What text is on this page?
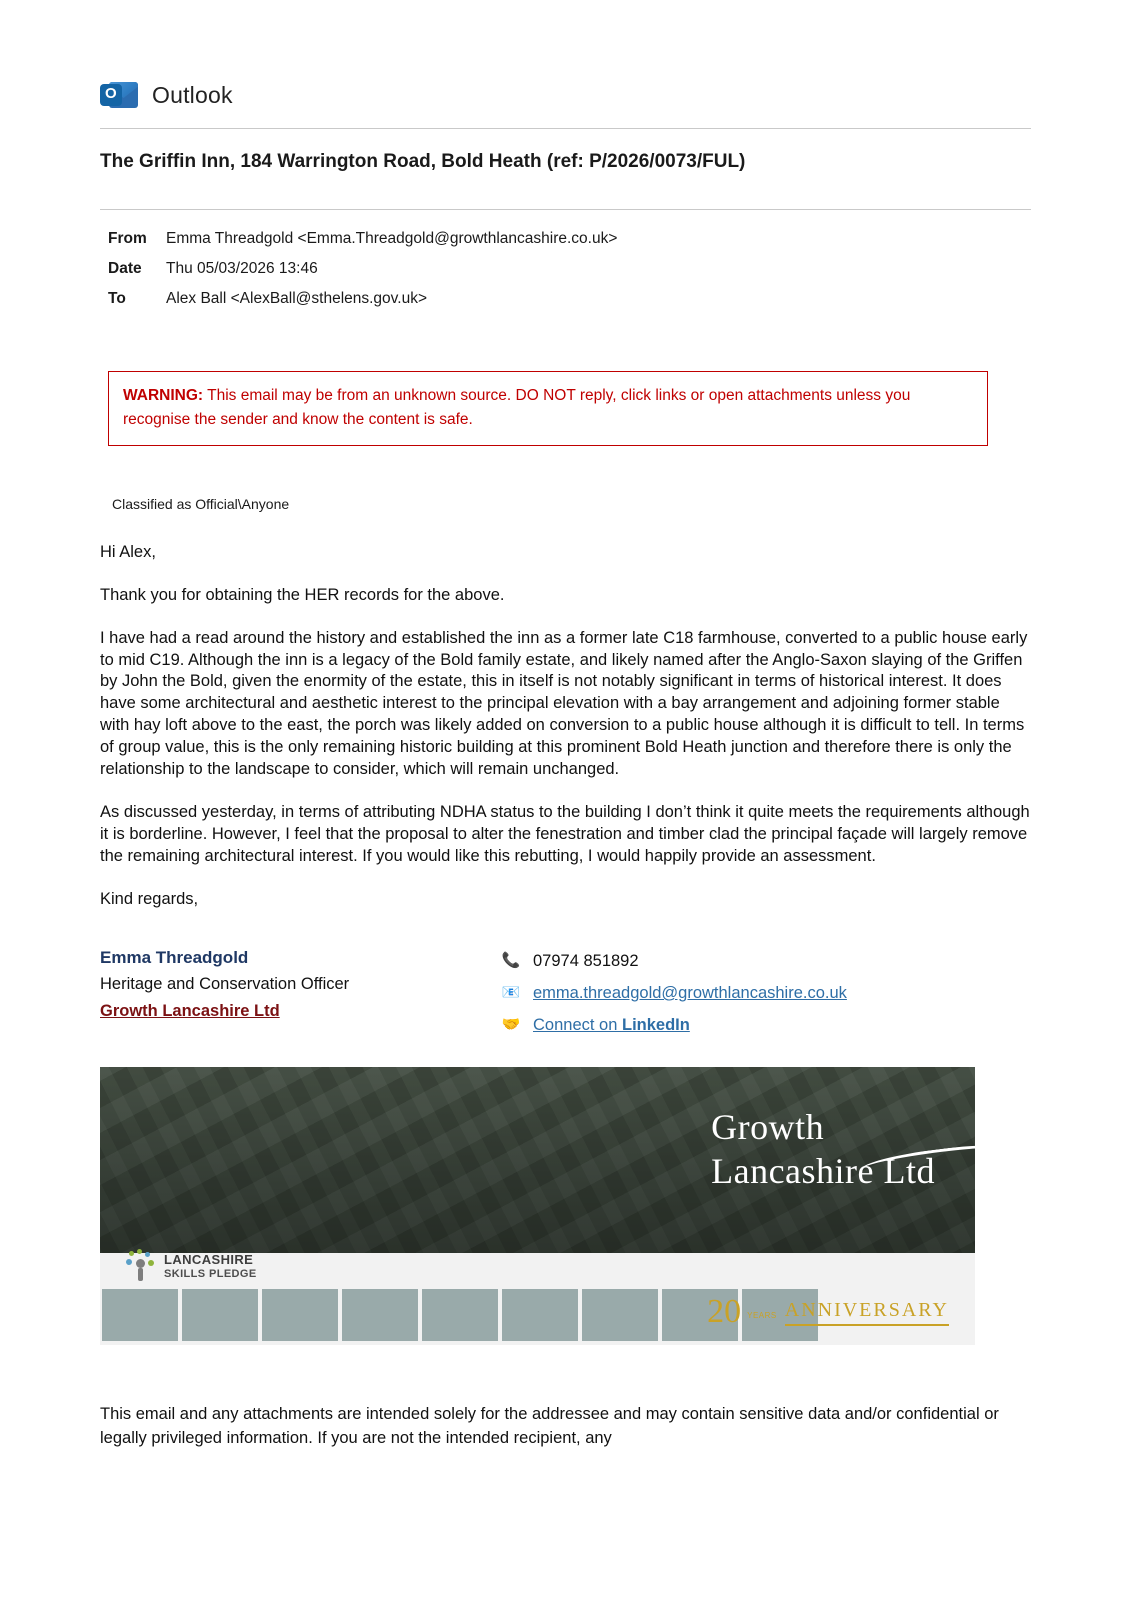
O
Outlook
The Griffin Inn, 184 Warrington Road, Bold Heath (ref: P/2026/0073/FUL)
From	Emma Threadgold <Emma.Threadgold@growthlancashire.co.uk>
Date	Thu 05/03/2026 13:46
To	Alex Ball <AlexBall@sthelens.gov.uk>
WARNING: This email may be from an unknown source. DO NOT reply, click links or open attachments unless you recognise the sender and know the content is safe.
Classified as Official\Anyone

Hi Alex,

Thank you for obtaining the HER records for the above.

I have had a read around the history and established the inn as a former late C18 farmhouse, converted to a public house early to mid C19. Although the inn is a legacy of the Bold family estate, and likely named after the Anglo-Saxon slaying of the Griffen by John the Bold, given the enormity of the estate, this in itself is not notably significant in terms of historical interest. It does have some architectural and aesthetic interest to the principal elevation with a bay arrangement and adjoining former stable with hay loft above to the east, the porch was likely added on conversion to a public house although it is difficult to tell. In terms of group value, this is the only remaining historic building at this prominent Bold Heath junction and therefore there is only the relationship to the landscape to consider, which will remain unchanged.

As discussed yesterday, in terms of attributing NDHA status to the building I don’t think it quite meets the requirements although it is borderline. However, I feel that the proposal to alter the fenestration and timber clad the principal façade will largely remove the remaining architectural interest. If you would like this rebutting, I would happily provide an assessment.

Kind regards,

Emma Threadgold
Heritage and Conservation Officer
Growth Lancashire Ltd
📞 07974 851892
📧 emma.threadgold@growthlancashire.co.uk
🤝 Connect on LinkedIn
Growth
Lancashire Ltd
LANCASHIRE
SKILLS PLEDGE
20 YEARS ANNIVERSARY
This email and any attachments are intended solely for the addressee and may contain sensitive data and/or confidential or legally privileged information. If you are not the intended recipient, any
